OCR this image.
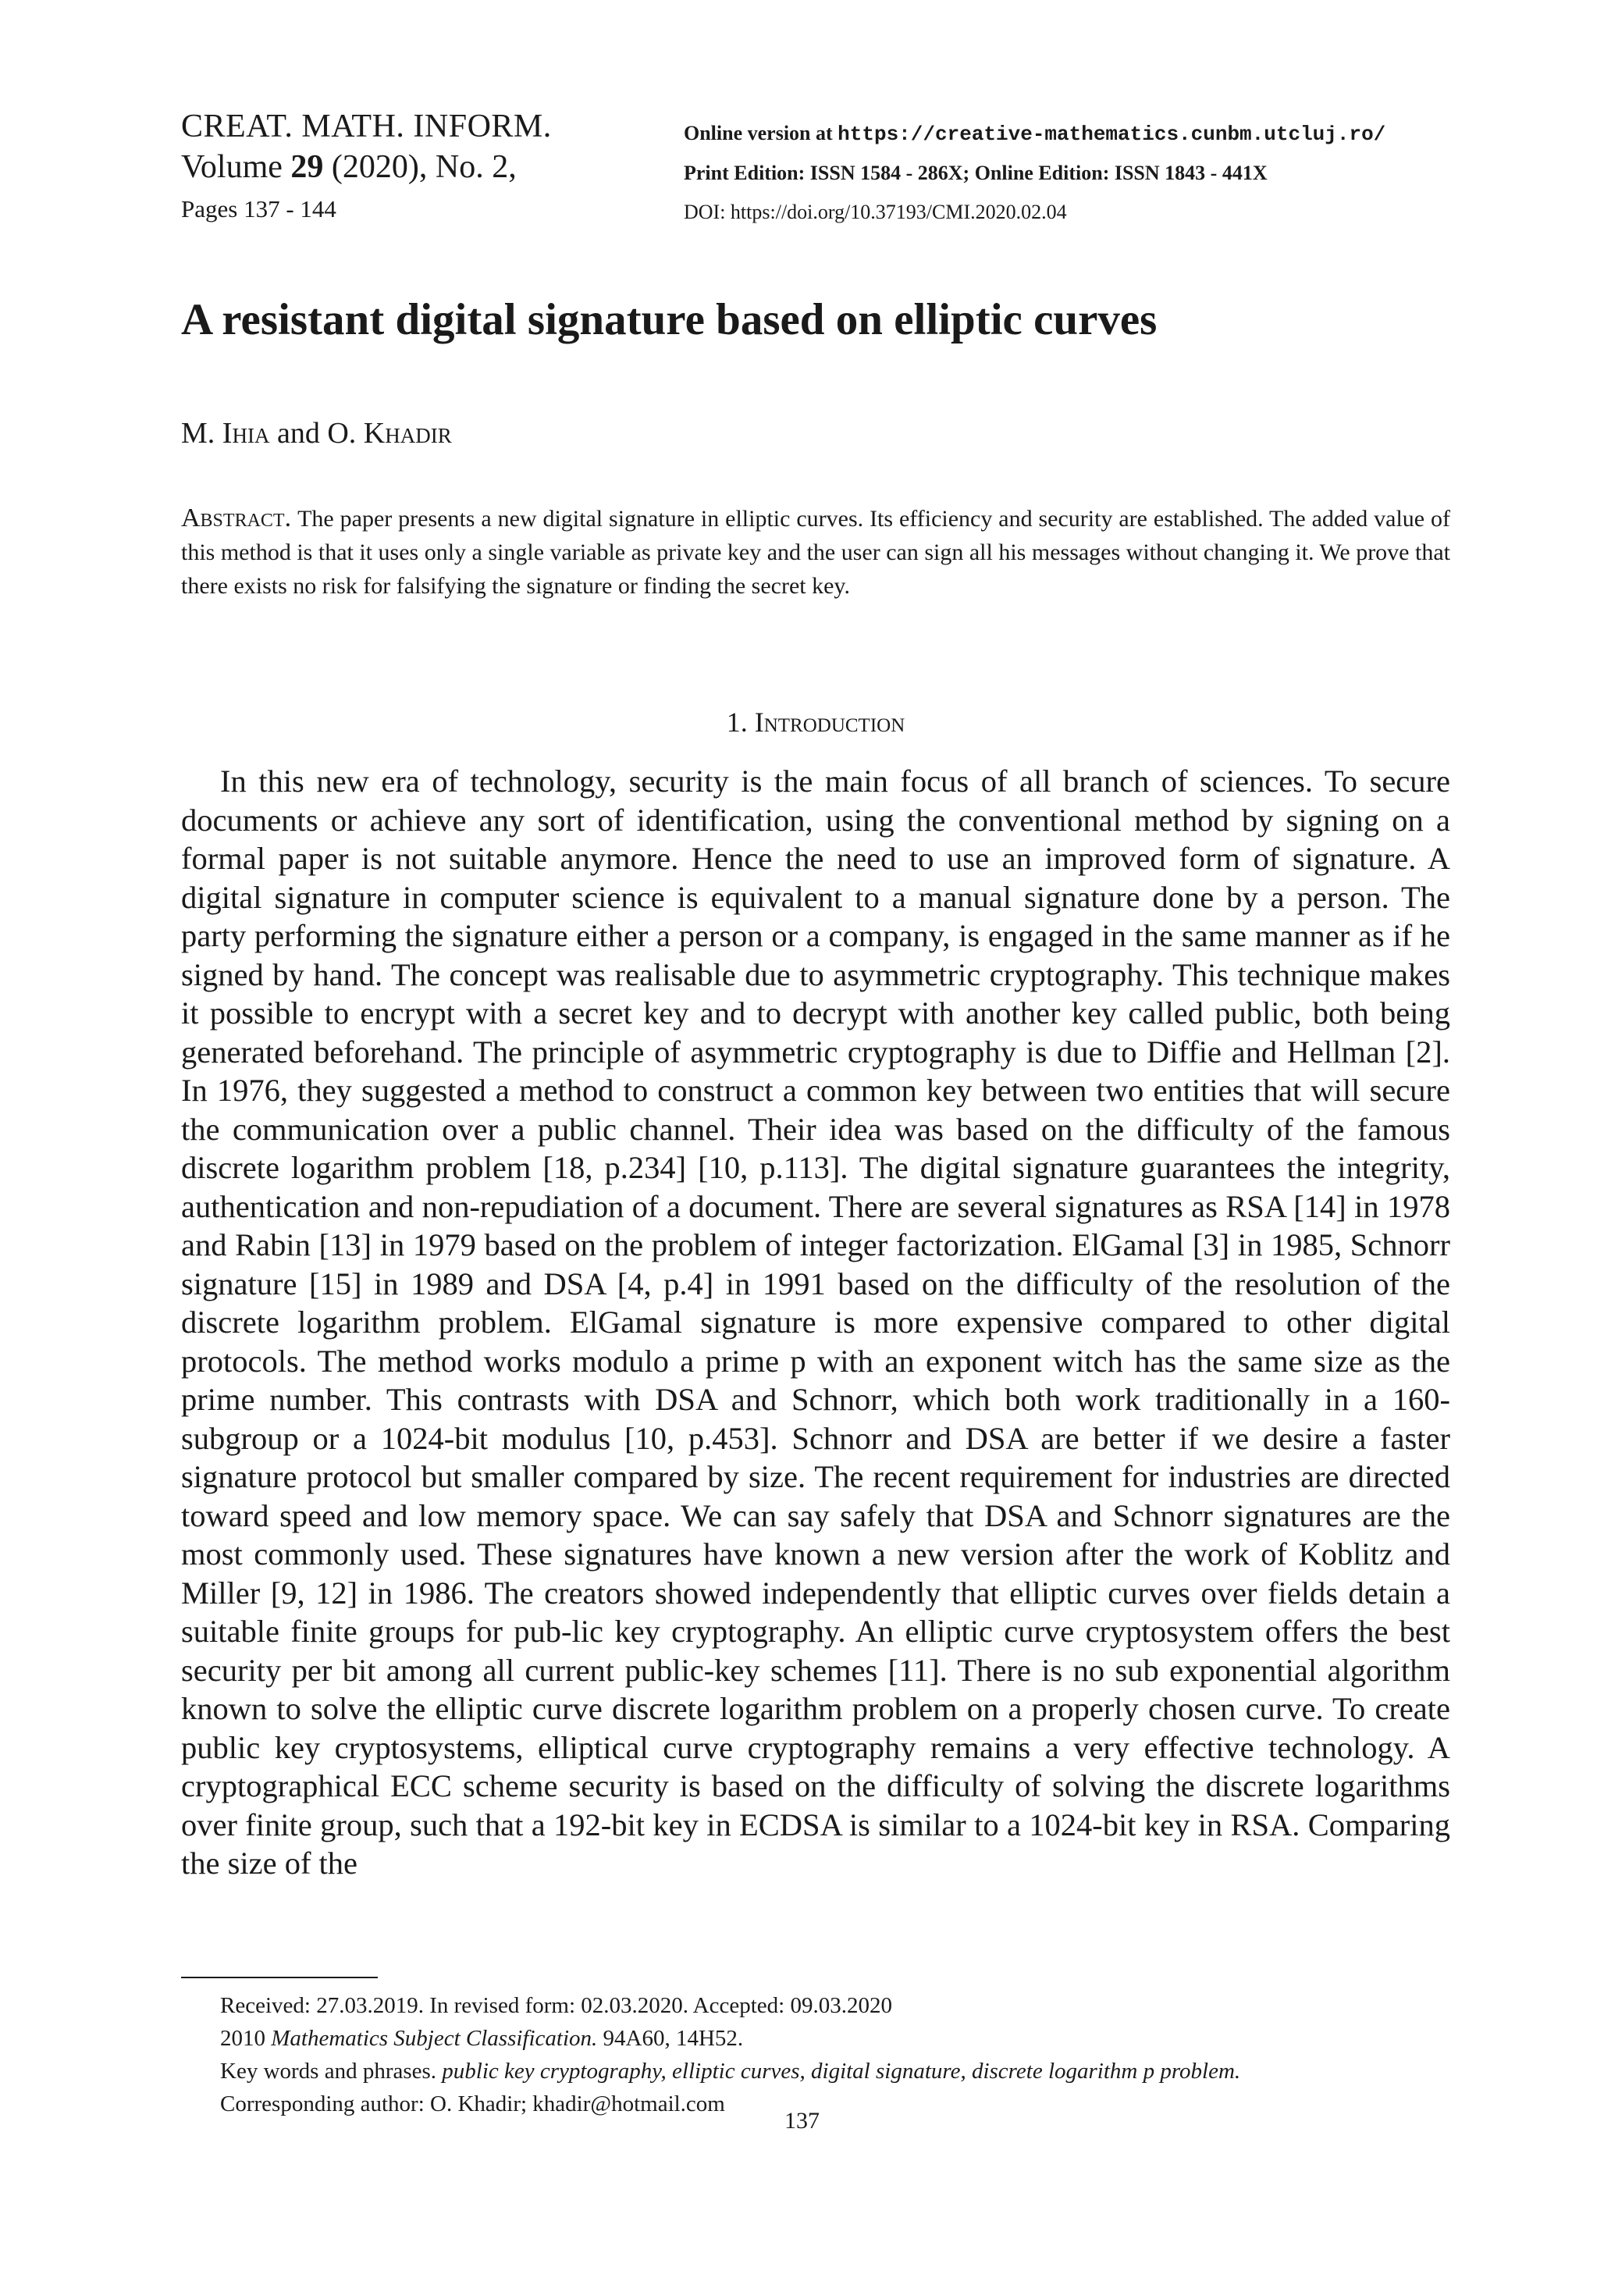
CREAT. MATH. INFORM.
Volume 29 (2020), No. 2,
Pages 137 - 144
Online version at https://creative-mathematics.cunbm.utcluj.ro/
Print Edition: ISSN 1584 - 286X; Online Edition: ISSN 1843 - 441X
DOI: https://doi.org/10.37193/CMI.2020.02.04
A resistant digital signature based on elliptic curves
M. Ihia and O. Khadir
Abstract. The paper presents a new digital signature in elliptic curves. Its efficiency and security are established. The added value of this method is that it uses only a single variable as private key and the user can sign all his messages without changing it. We prove that there exists no risk for falsifying the signature or finding the secret key.
1. Introduction
In this new era of technology, security is the main focus of all branch of sciences. To secure documents or achieve any sort of identification, using the conventional method by signing on a formal paper is not suitable anymore. Hence the need to use an improved form of signature. A digital signature in computer science is equivalent to a manual signature done by a person. The party performing the signature either a person or a company, is engaged in the same manner as if he signed by hand. The concept was realisable due to asymmetric cryptography. This technique makes it possible to encrypt with a secret key and to decrypt with another key called public, both being generated beforehand. The principle of asymmetric cryptography is due to Diffie and Hellman [2]. In 1976, they suggested a method to construct a common key between two entities that will secure the communication over a public channel. Their idea was based on the difficulty of the famous discrete logarithm problem [18, p.234] [10, p.113]. The digital signature guarantees the integrity, authentication and non-repudiation of a document. There are several signatures as RSA [14] in 1978 and Rabin [13] in 1979 based on the problem of integer factorization. ElGamal [3] in 1985, Schnorr signature [15] in 1989 and DSA [4, p.4] in 1991 based on the difficulty of the resolution of the discrete logarithm problem. ElGamal signature is more expensive compared to other digital protocols. The method works modulo a prime p with an exponent witch has the same size as the prime number. This contrasts with DSA and Schnorr, which both work traditionally in a 160-subgroup or a 1024-bit modulus [10, p.453]. Schnorr and DSA are better if we desire a faster signature protocol but smaller compared by size. The recent requirement for industries are directed toward speed and low memory space. We can say safely that DSA and Schnorr signatures are the most commonly used. These signatures have known a new version after the work of Koblitz and Miller [9, 12] in 1986. The creators showed independently that elliptic curves over fields detain a suitable finite groups for pub-lic key cryptography. An elliptic curve cryptosystem offers the best security per bit among all current public-key schemes [11]. There is no sub exponential algorithm known to solve the elliptic curve discrete logarithm problem on a properly chosen curve. To create public key cryptosystems, elliptical curve cryptography remains a very effective technology. A cryptographical ECC scheme security is based on the difficulty of solving the discrete logarithms over finite group, such that a 192-bit key in ECDSA is similar to a 1024-bit key in RSA. Comparing the size of the
Received: 27.03.2019. In revised form: 02.03.2020. Accepted: 09.03.2020
2010 Mathematics Subject Classification. 94A60, 14H52.
Key words and phrases. public key cryptography, elliptic curves, digital signature, discrete logarithm p problem.
Corresponding author: O. Khadir; khadir@hotmail.com
137
